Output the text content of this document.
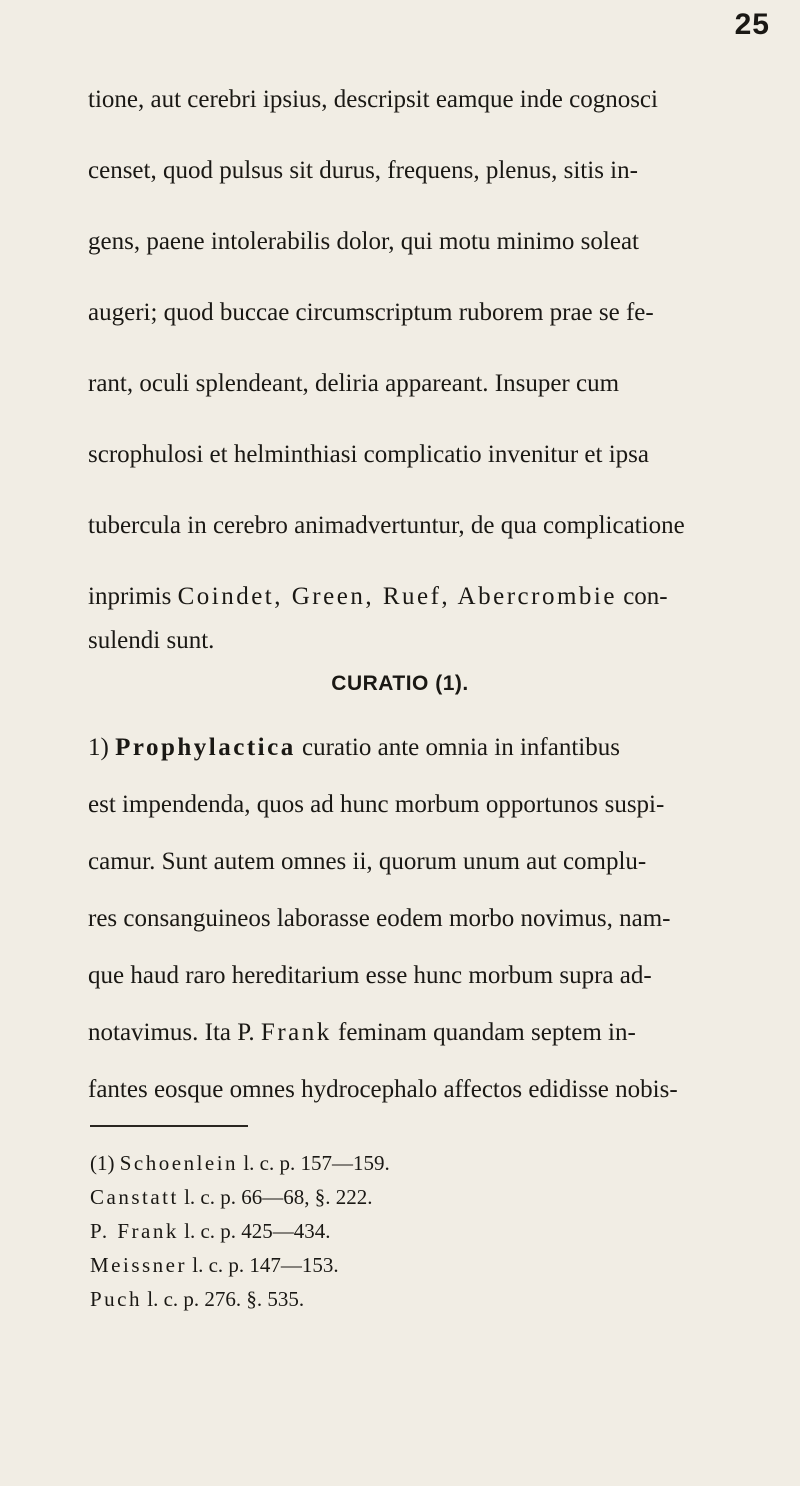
25
tione, aut cerebri ipsius, descripsit eamque inde cognosci
censet, quod pulsus sit durus, frequens, plenus, sitis in-
gens, paene intolerabilis dolor, qui motu minimo soleat
augeri; quod buccae circumscriptum ruborem prae se fe-
rant, oculi splendeant, deliria appareant. Insuper cum
scrophulosi et helminthiasi complicatio invenitur et ipsa
tubercula in cerebro animadvertuntur, de qua complicatione
inprimis Coindet, Green, Ruef, Abercrombie con-
sulendi sunt.
CURATIO (1).
1) Prophylactica curatio ante omnia in infantibus
est impendenda, quos ad hunc morbum opportunos suspi-
camur. Sunt autem omnes ii, quorum unum aut complu-
res consanguineos laborasse eodem morbo novimus, nam-
que haud raro hereditarium esse hunc morbum supra ad-
notavimus. Ita P. Frank feminam quandam septem in-
fantes eosque omnes hydrocephalo affectos edidisse nobis-
(1) Schoenlein l. c. p. 157—159.
Canstatt l. c. p. 66—68, §. 222.
P. Frank l. c. p. 425—434.
Meissner l. c. p. 147—153.
Puch l. c. p. 276. §. 535.
